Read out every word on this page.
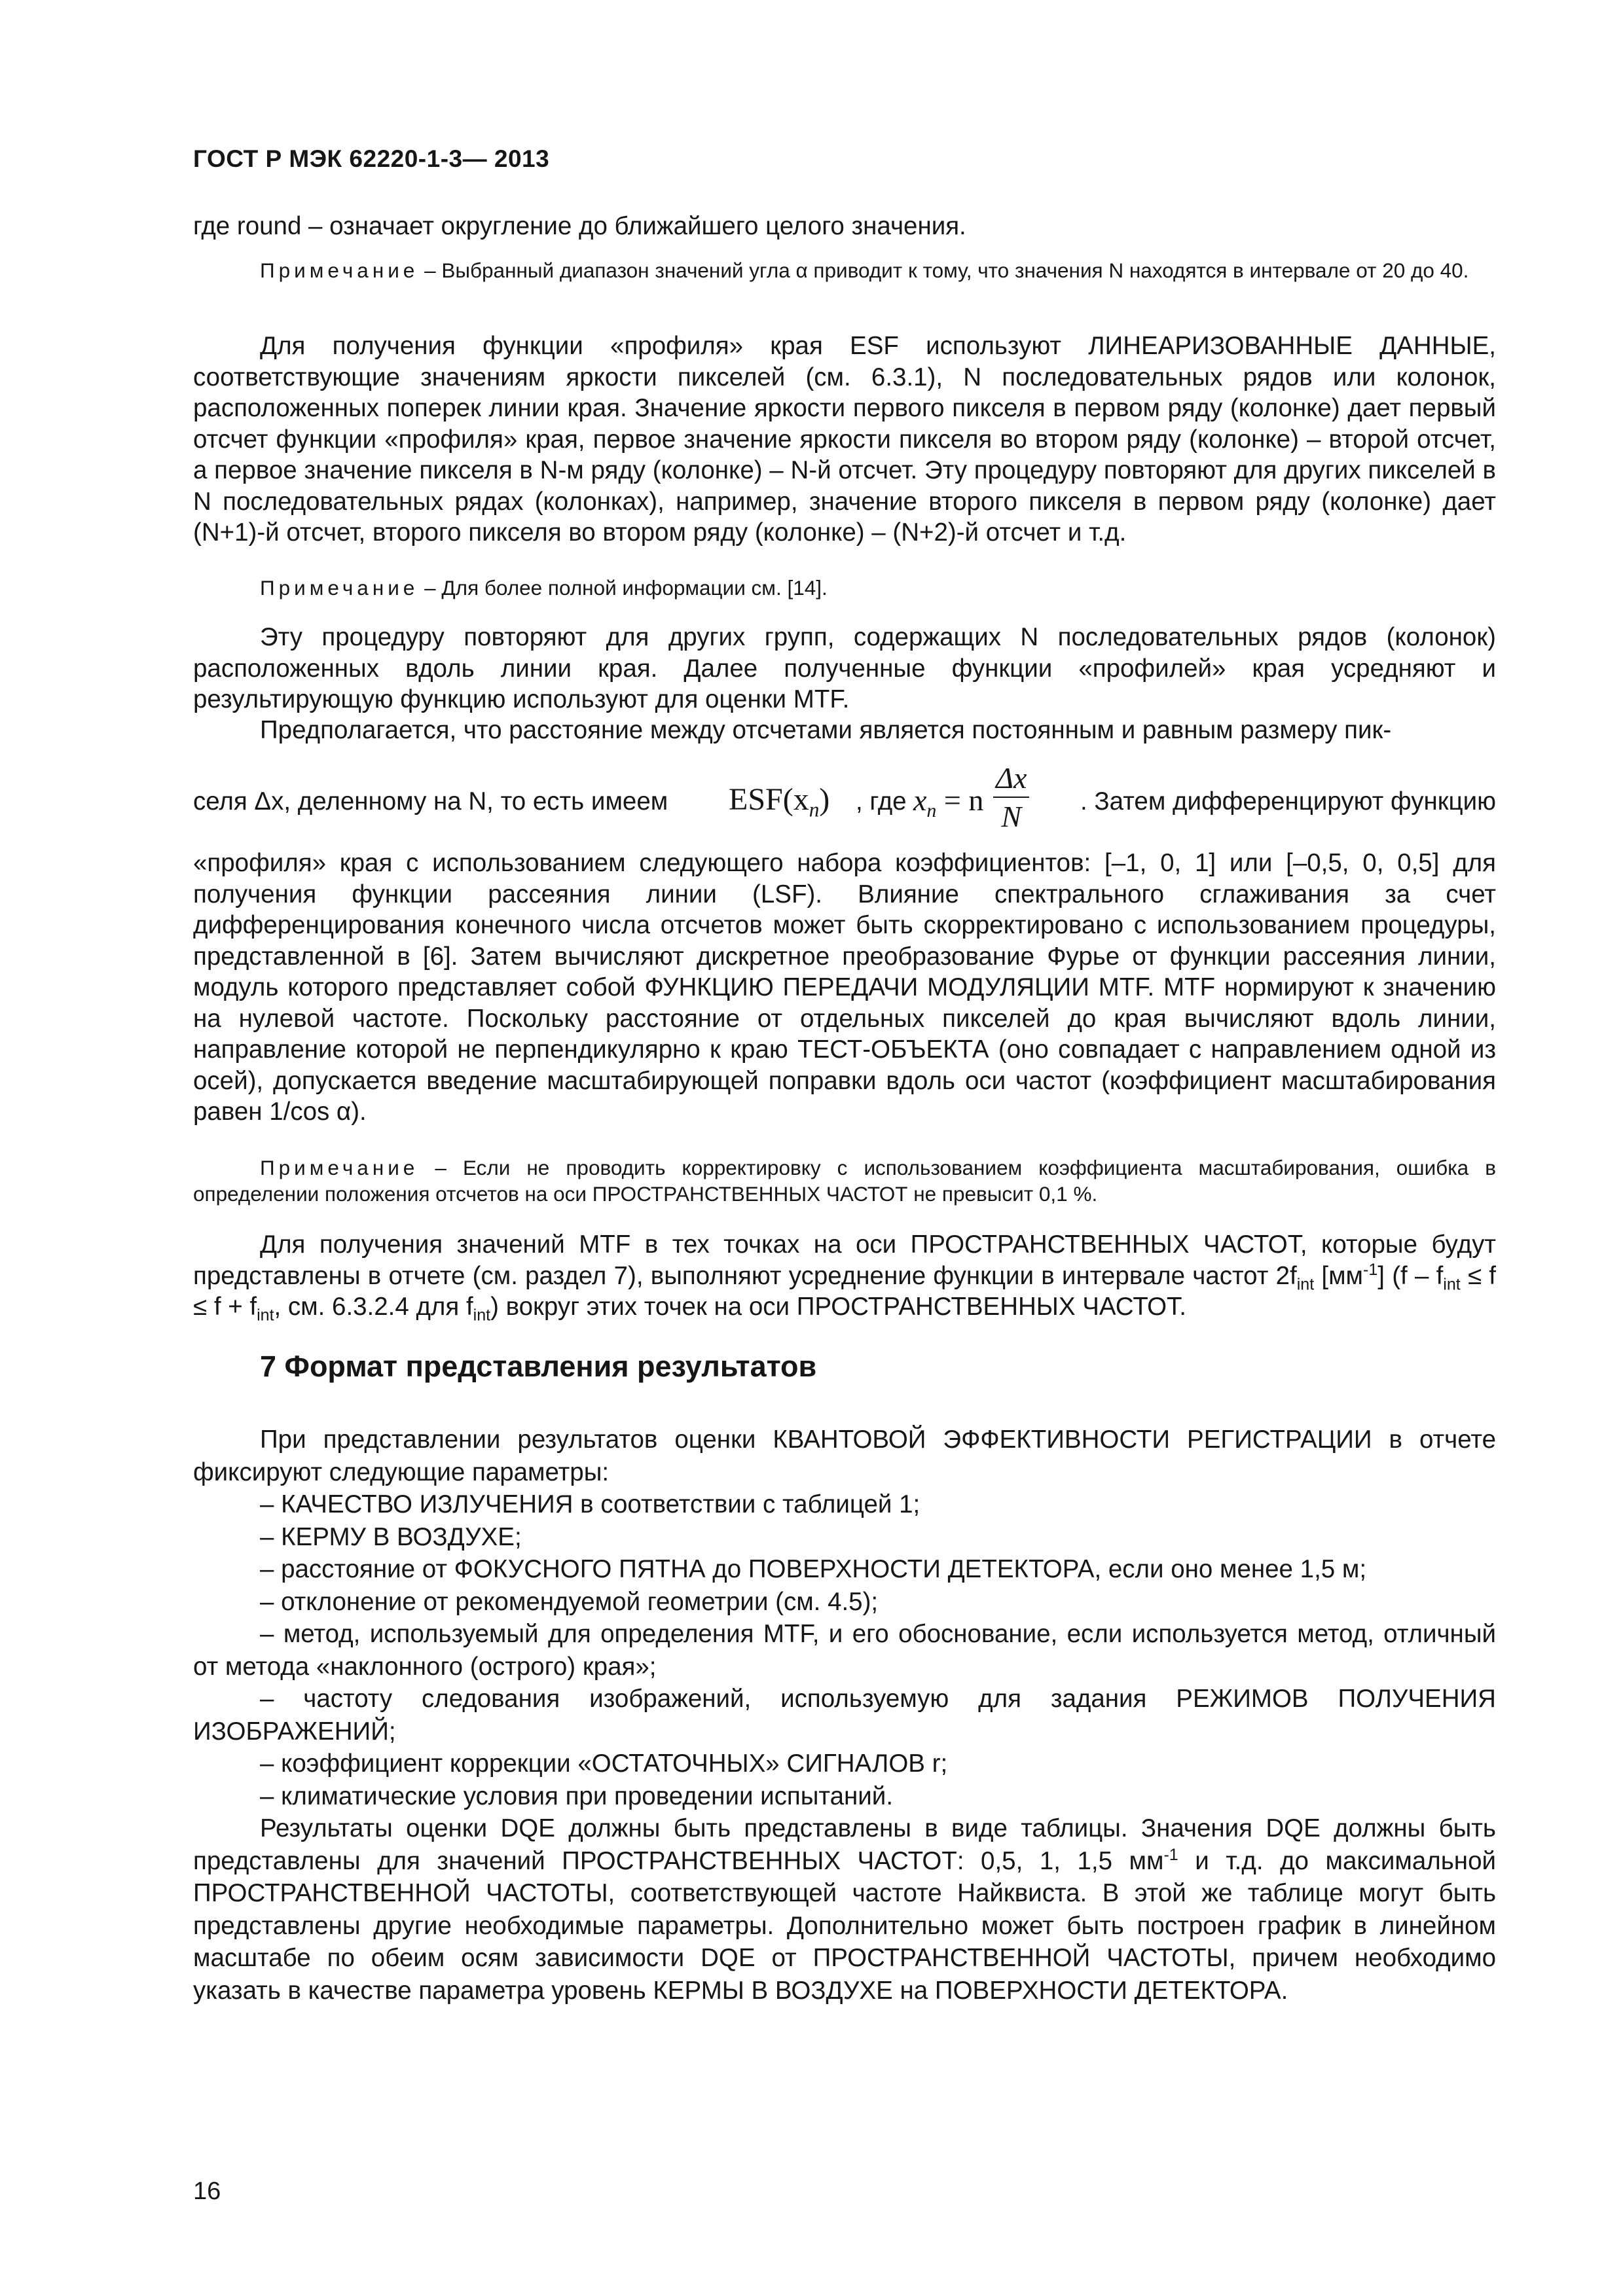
ГОСТ Р МЭК 62220-1-3— 2013

где round – означает округление до ближайшего целого значения.

Примечание – Выбранный диапазон значений угла α приводит к тому, что значения N находятся в интервале от 20 до 40.

Для получения функции «профиля» края ESF используют ЛИНЕАРИЗОВАННЫЕ ДАННЫЕ, соответствующие значениям яркости пикселей (см. 6.3.1), N последовательных рядов или колонок, расположенных поперек линии края. Значение яркости первого пикселя в первом ряду (колонке) дает первый отсчет функции «профиля» края, первое значение яркости пикселя во втором ряду (колонке) – второй отсчет, а первое значение пикселя в N-м ряду (колонке) – N-й отсчет. Эту процедуру повторяют для других пикселей в N последовательных рядах (колонках), например, значение второго пикселя в первом ряду (колонке) дает (N+1)-й отсчет, второго пикселя во втором ряду (колонке) – (N+2)-й отсчет и т.д.

Примечание – Для более полной информации см. [14].

Эту процедуру повторяют для других групп, содержащих N последовательных рядов (колонок) расположенных вдоль линии края. Далее полученные функции «профилей» края усредняют и результирующую функцию используют для оценки MTF.

Предполагается, что расстояние между отсчетами является постоянным и равным размеру пик-

селя Δx, деленному на N, то есть имеем $ESF(x_n)$ , где $x_n = n \frac{\Delta x}{N}$ . Затем дифференцируют функцию

«профиля» края с использованием следующего набора коэффициентов: [–1, 0, 1] или [–0,5, 0, 0,5] для получения функции рассеяния линии (LSF). Влияние спектрального сглаживания за счет дифференцирования конечного числа отсчетов может быть скорректировано с использованием процедуры, представленной в [6]. Затем вычисляют дискретное преобразование Фурье от функции рассеяния линии, модуль которого представляет собой ФУНКЦИЮ ПЕРЕДАЧИ МОДУЛЯЦИИ MTF. MTF нормируют к значению на нулевой частоте. Поскольку расстояние от отдельных пикселей до края вычисляют вдоль линии, направление которой не перпендикулярно к краю ТЕСТ-ОБЪЕКТА (оно совпадает с направлением одной из осей), допускается введение масштабирующей поправки вдоль оси частот (коэффициент масштабирования равен 1/cos α).

Примечание – Если не проводить корректировку с использованием коэффициента масштабирования, ошибка в определении положения отсчетов на оси ПРОСТРАНСТВЕННЫХ ЧАСТОТ не превысит 0,1 %.

Для получения значений MTF в тех точках на оси ПРОСТРАНСТВЕННЫХ ЧАСТОТ, которые будут представлены в отчете (см. раздел 7), выполняют усреднение функции в интервале частот $2f_{int}$ $[мм^{-1}]$ ($f - f_{int} \le f \le f + f_{int}$, см. 6.3.2.4 для $f_{int}$) вокруг этих точек на оси ПРОСТРАНСТВЕННЫХ ЧАСТОТ.

7 Формат представления результатов
При представлении результатов оценки КВАНТОВОЙ ЭФФЕКТИВНОСТИ РЕГИСТРАЦИИ в отчете фиксируют следующие параметры:
– КАЧЕСТВО ИЗЛУЧЕНИЯ в соответствии с таблицей 1;
– КЕРМУ В ВОЗДУХЕ;
– расстояние от ФОКУСНОГО ПЯТНА до ПОВЕРХНОСТИ ДЕТЕКТОРА, если оно менее 1,5 м;
– отклонение от рекомендуемой геометрии (см. 4.5);
– метод, используемый для определения MTF, и его обоснование, если используется метод, отличный от метода «наклонного (острого) края»;
– частоту следования изображений, используемую для задания РЕЖИМОВ ПОЛУЧЕНИЯ ИЗОБРАЖЕНИЙ;
– коэффициент коррекции «ОСТАТОЧНЫХ» СИГНАЛОВ r;
– климатические условия при проведении испытаний.
Результаты оценки DQE должны быть представлены в виде таблицы. Значения DQE должны быть представлены для значений ПРОСТРАНСТВЕННЫХ ЧАСТОТ: 0,5, 1, 1,5 $мм^{-1}$ и т.д. до максимальной ПРОСТРАНСТВЕННОЙ ЧАСТОТЫ, соответствующей частоте Найквиста. В этой же таблице могут быть представлены другие необходимые параметры. Дополнительно может быть построен график в линейном масштабе по обеим осям зависимости DQE от ПРОСТРАНСТВЕННОЙ ЧАСТОТЫ, причем необходимо указать в качестве параметра уровень КЕРМЫ В ВОЗДУХЕ на ПОВЕРХНОСТИ ДЕТЕКТОРА.
16
